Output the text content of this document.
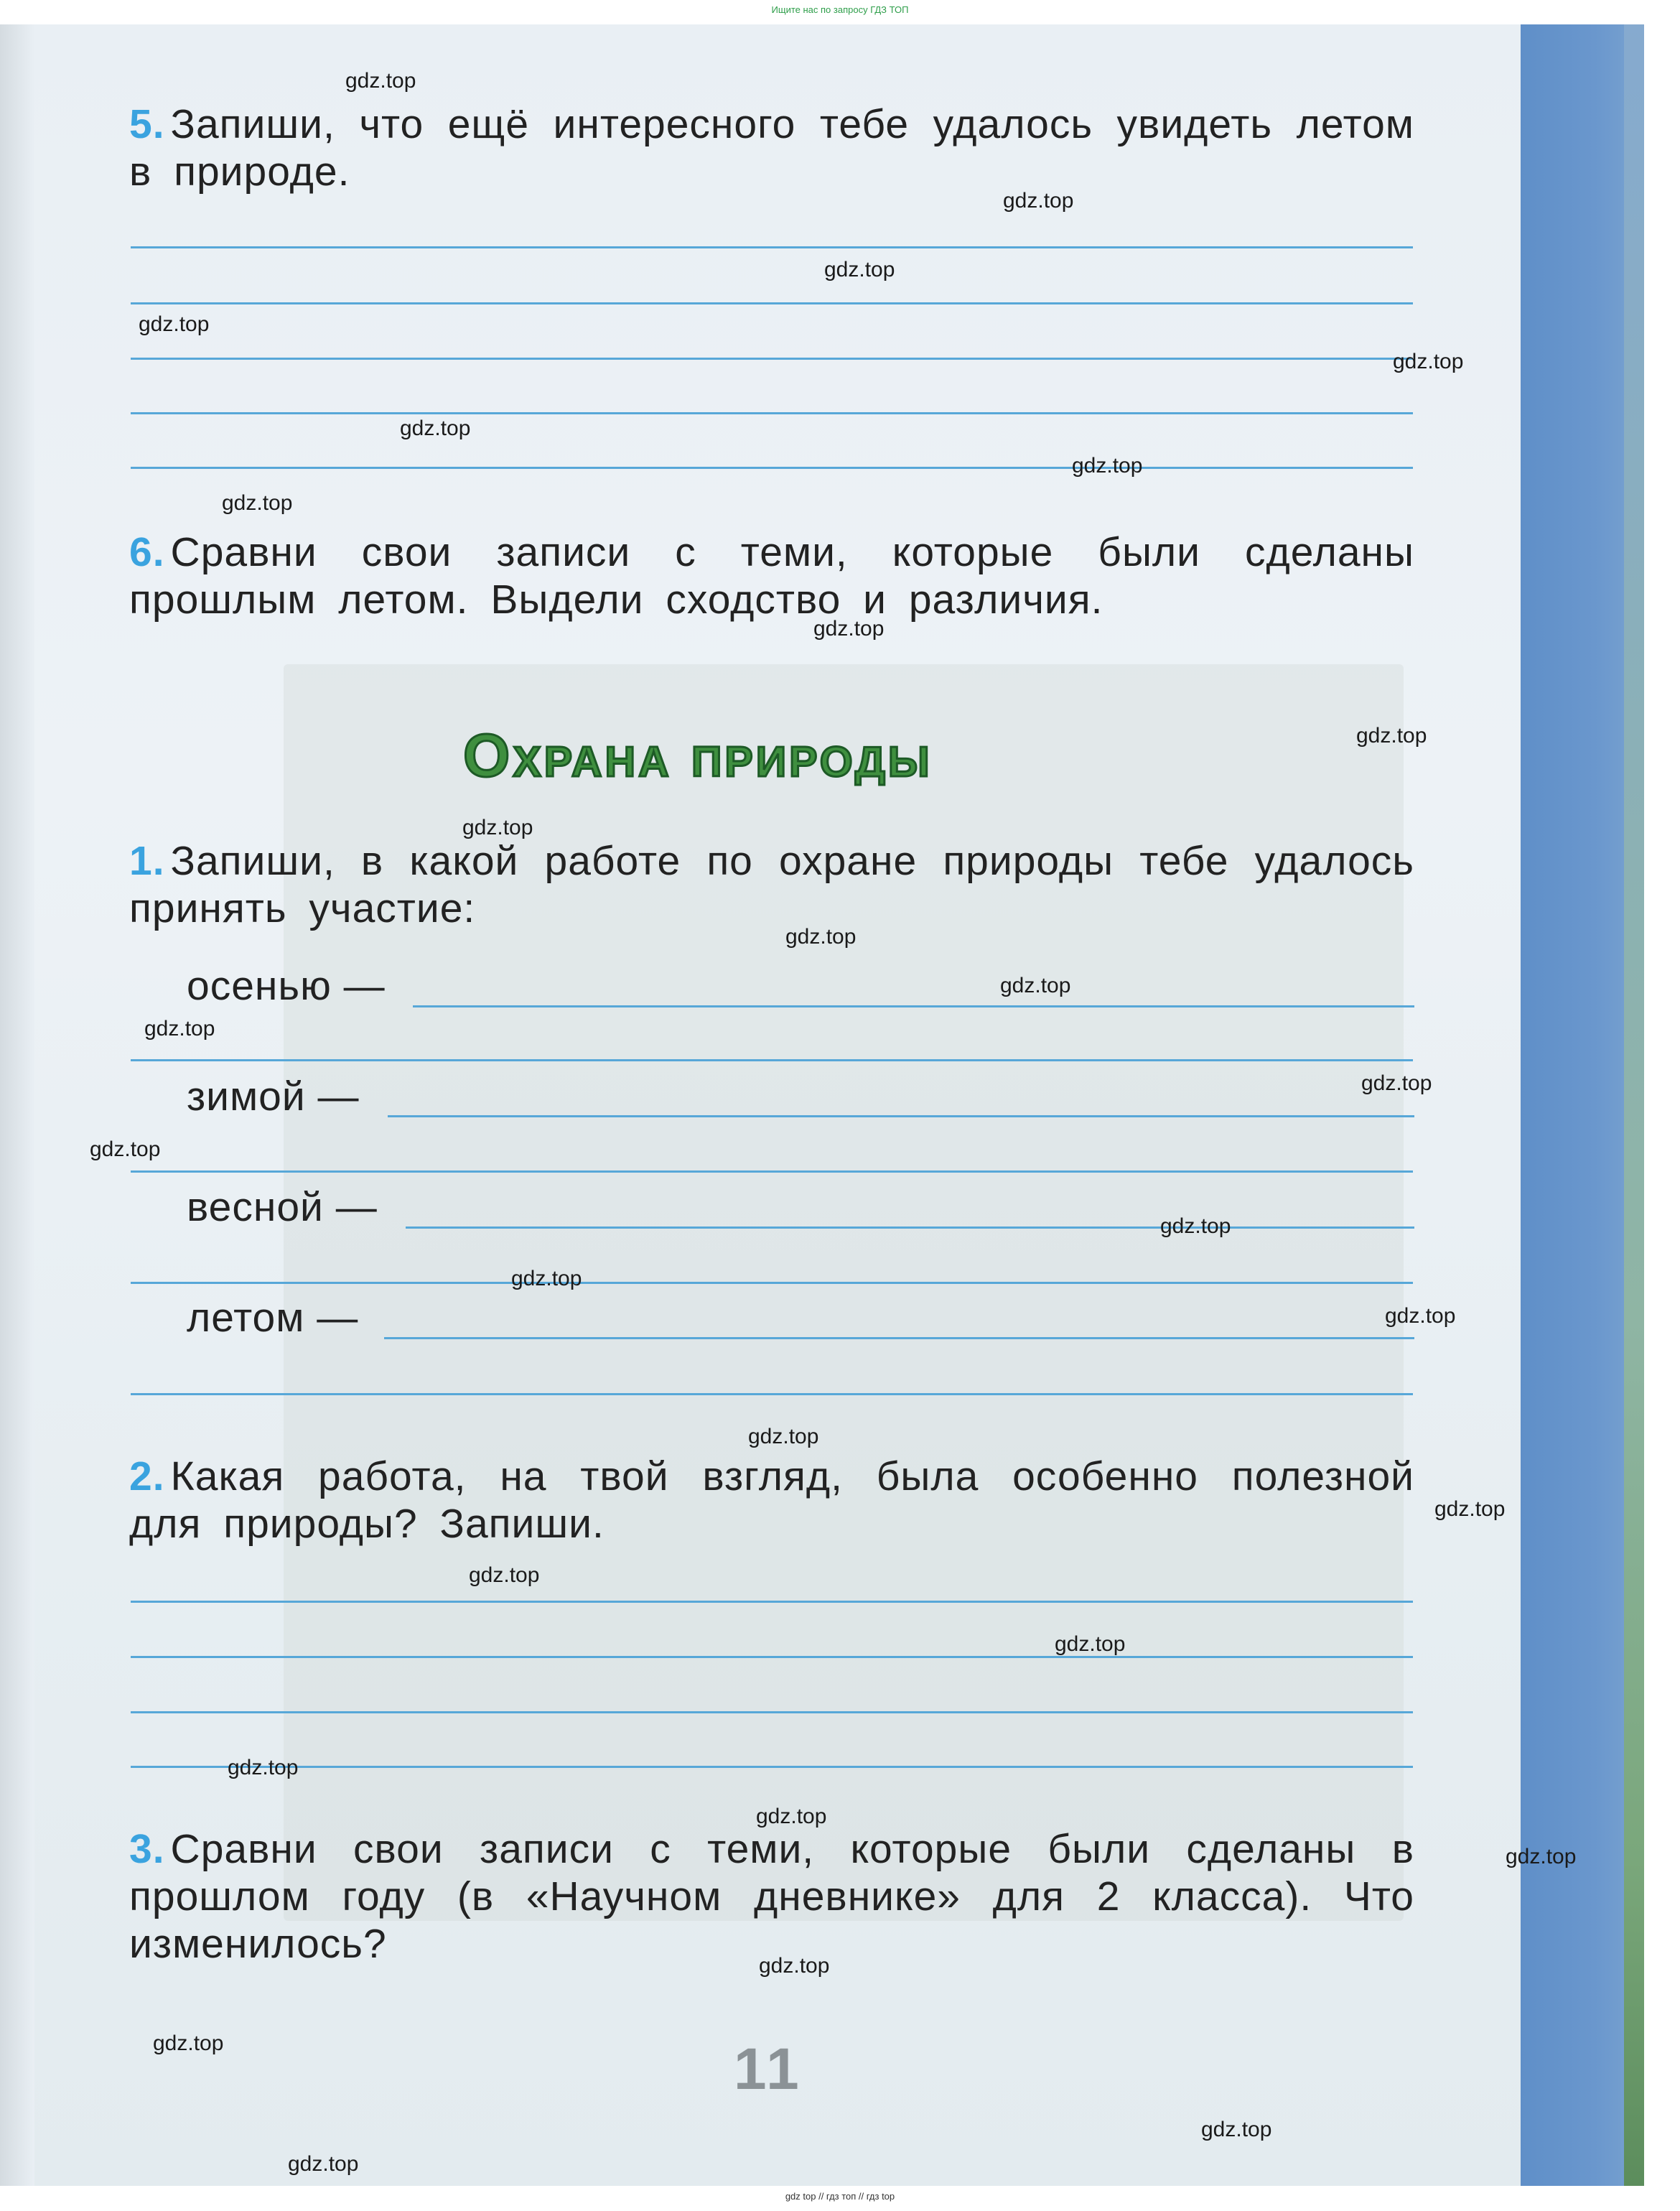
Ищите нас по запросу ГДЗ ТОП

5. Запиши, что ещё интересного тебе удалось увидеть летом в природе.

6. Сравни свои записи с теми, которые были сделаны прошлым летом. Выдели сходство и различия.

Охрана природы

1. Запиши, в какой работе по охране природы тебе удалось принять участие:

осенью —

зимой —

весной —

летом —

2. Какая работа, на твой взгляд, была особенно полезной для природы? Запиши.

3. Сравни свои записи с теми, которые были сделаны в прошлом году (в «Научном дневнике» для 2 класса). Что изменилось?

11

gdz.top

gdz.top

gdz.top

gdz.top

gdz.top

gdz.top

gdz.top

gdz.top

gdz.top

gdz.top

gdz.top

gdz.top

gdz.top

gdz.top

gdz.top

gdz.top

gdz.top

gdz.top

gdz.top

gdz.top

gdz.top

gdz.top

gdz.top

gdz.top

gdz.top

gdz.top

gdz.top

gdz.top

gdz.top

gdz.top

gdz top // гдз топ // гдз top
